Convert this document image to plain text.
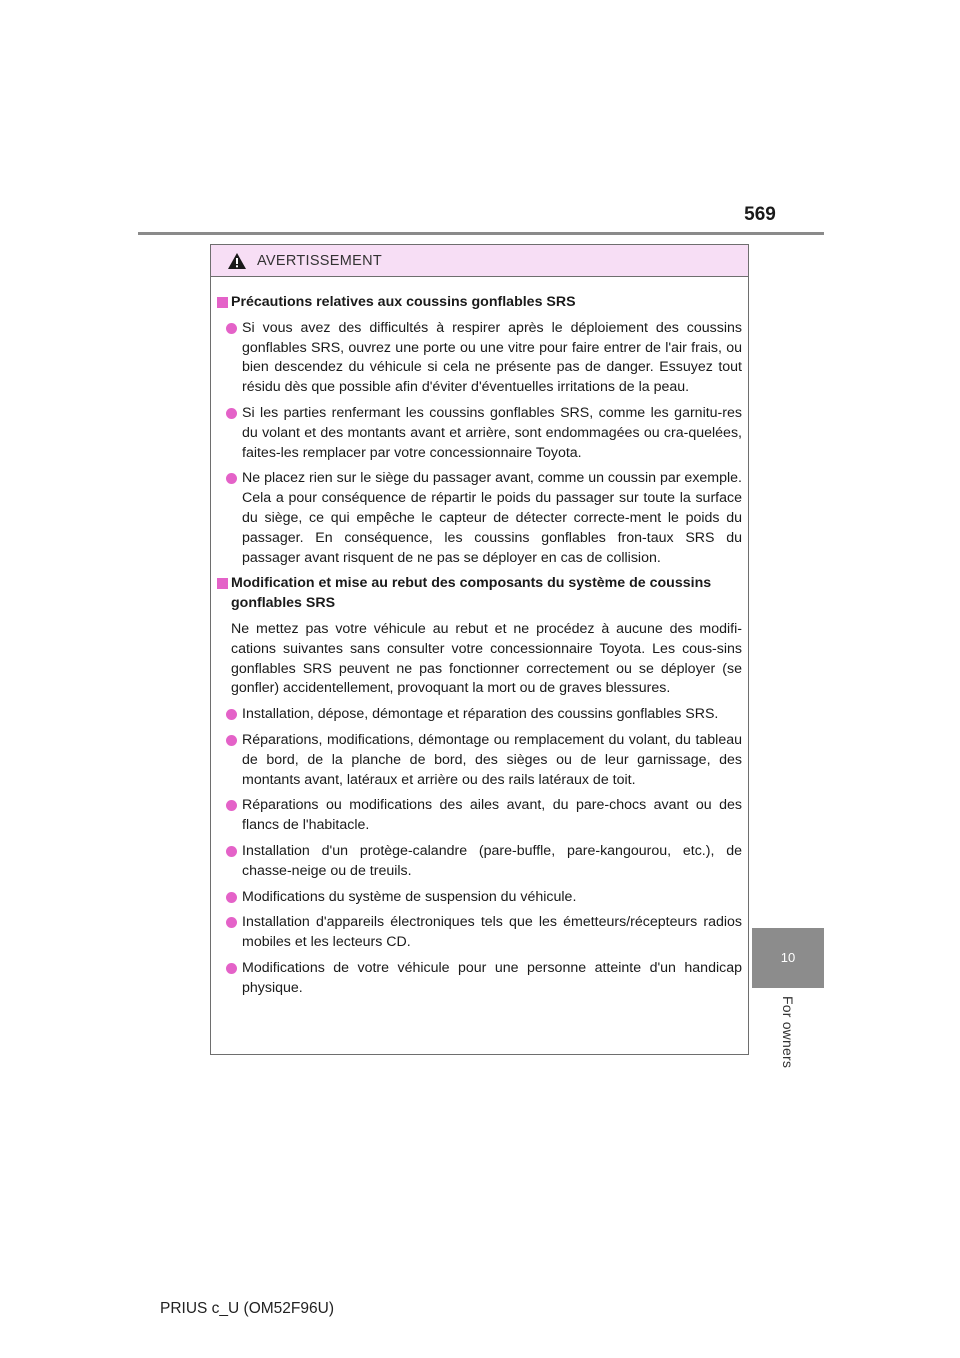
569
AVERTISSEMENT
Précautions relatives aux coussins gonflables SRS
Si vous avez des difficultés à respirer après le déploiement des coussins gonflables SRS, ouvrez une porte ou une vitre pour faire entrer de l'air frais, ou bien descendez du véhicule si cela ne présente pas de danger. Essuyez tout résidu dès que possible afin d'éviter d'éventuelles irritations de la peau.
Si les parties renfermant les coussins gonflables SRS, comme les garnitu-res du volant et des montants avant et arrière, sont endommagées ou cra-quelées, faites-les remplacer par votre concessionnaire Toyota.
Ne placez rien sur le siège du passager avant, comme un coussin par exemple. Cela a pour conséquence de répartir le poids du passager sur toute la surface du siège, ce qui empêche le capteur de détecter correcte-ment le poids du passager. En conséquence, les coussins gonflables fron-taux SRS du passager avant risquent de ne pas se déployer en cas de collision.
Modification et mise au rebut des composants du système de coussins gonflables SRS
Ne mettez pas votre véhicule au rebut et ne procédez à aucune des modifi-cations suivantes sans consulter votre concessionnaire Toyota. Les cous-sins gonflables SRS peuvent ne pas fonctionner correctement ou se déployer (se gonfler) accidentellement, provoquant la mort ou de graves blessures.
Installation, dépose, démontage et réparation des coussins gonflables SRS.
Réparations, modifications, démontage ou remplacement du volant, du tableau de bord, de la planche de bord, des sièges ou de leur garnissage, des montants avant, latéraux et arrière ou des rails latéraux de toit.
Réparations ou modifications des ailes avant, du pare-chocs avant ou des flancs de l'habitacle.
Installation d'un protège-calandre (pare-buffle, pare-kangourou, etc.), de chasse-neige ou de treuils.
Modifications du système de suspension du véhicule.
Installation d'appareils électroniques tels que les émetteurs/récepteurs radios mobiles et les lecteurs CD.
Modifications de votre véhicule pour une personne atteinte d'un handicap physique.
10
For owners
PRIUS c_U (OM52F96U)
